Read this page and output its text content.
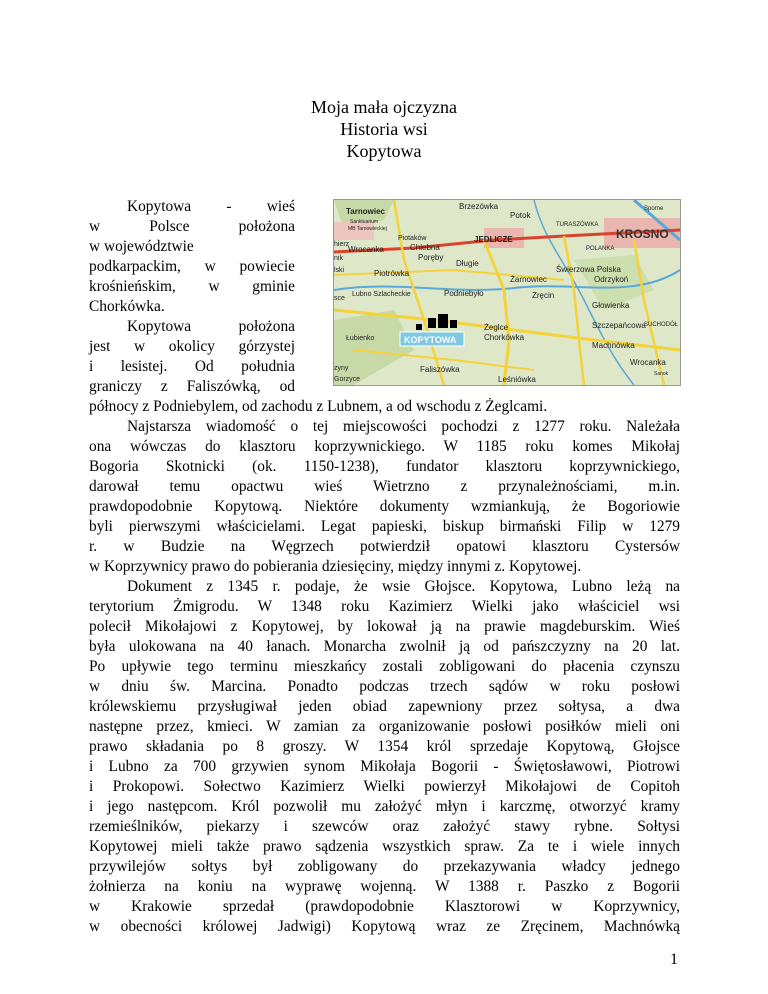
Moja mała ojczyzna
Historia wsi
Kopytowa
Brzezówka
Tarnowiec
Sanktuarium
MB Tarnowieckiej
Potok
TURASZÓWKA
KROSNO
JEDLICZE
hierz
Piotaków
Wrocanka	Chlebna	POLANKA
nik
lski
Poręby
Długie
Świerzowa Polska
Żarnowiec
Piotrówka
Odrzykoń
sce
Lubno Szlacheckie	Podniebyło	Zręcin
Głowienka
Szczepańcowa
SUCHODÓŁ
Łubienko
Żeglce
Chorkówka
Machnówka
Faliszówka
zyny
Gorzyce	Leśniówka
Wrocanka
Sporne
Sanok
KOPYTOWA
Kopytowa - wieś
w Polsce położona
w województwie
podkarpackim, w powiecie
krośnieńskim, w gminie
Chorkówka.
Kopytowa położona
jest w okolicy górzystej
i lesistej. Od południa
graniczy z Faliszówką, od
północy z Podniebylem, od zachodu z Lubnem, a od wschodu z Żeglcami.
Najstarsza wiadomość o tej miejscowości pochodzi z 1277 roku. Należała
ona wówczas do klasztoru koprzywnickiego. W 1185 roku komes Mikołaj
Bogoria Skotnicki (ok. 1150-1238), fundator klasztoru koprzywnickiego,
darował temu opactwu wieś Wietrzno z przynależnościami, m.in.
prawdopodobnie Kopytową. Niektóre dokumenty wzmiankują, że Bogoriowie
byli pierwszymi właścicielami. Legat papieski, biskup birmański Filip w 1279
r. w Budzie na Węgrzech potwierdził opatowi klasztoru Cystersów
w Koprzywnicy prawo do pobierania dziesięciny, między innymi z. Kopytowej.
Dokument z 1345 r. podaje, że wsie Głojsce. Kopytowa, Lubno leżą na
terytorium Żmigrodu. W 1348 roku Kazimierz Wielki jako właściciel wsi
polecił Mikołajowi z Kopytowej, by lokował ją na prawie magdeburskim. Wieś
była ulokowana na 40 łanach. Monarcha zwolnił ją od pańszczyzny na 20 lat.
Po upływie tego terminu mieszkańcy zostali zobligowani do płacenia czynszu
w dniu św. Marcina. Ponadto podczas trzech sądów w roku posłowi
królewskiemu przysługiwał jeden obiad zapewniony przez sołtysa, a dwa
następne przez, kmieci. W zamian za organizowanie posłowi posiłków mieli oni
prawo składania po 8 groszy. W 1354 król sprzedaje Kopytową, Głojsce
i Lubno za 700 grzywien synom Mikołaja Bogorii - Świętosławowi, Piotrowi
i Prokopowi. Sołectwo Kazimierz Wielki powierzył Mikołajowi de Copitoh
i jego następcom. Król pozwolił mu założyć młyn i karczmę, otworzyć kramy
rzemieślników, piekarzy i szewców oraz założyć stawy rybne. Sołtysi
Kopytowej mieli także prawo sądzenia wszystkich spraw. Za te i wiele innych
przywilejów sołtys był zobligowany do przekazywania władcy jednego
żołnierza na koniu na wyprawę wojenną. W 1388 r. Paszko z Bogorii
w Krakowie sprzedał (prawdopodobnie Klasztorowi w Koprzywnicy,
w obecności królowej Jadwigi) Kopytową wraz ze Zręcinem, Machnówką
1
